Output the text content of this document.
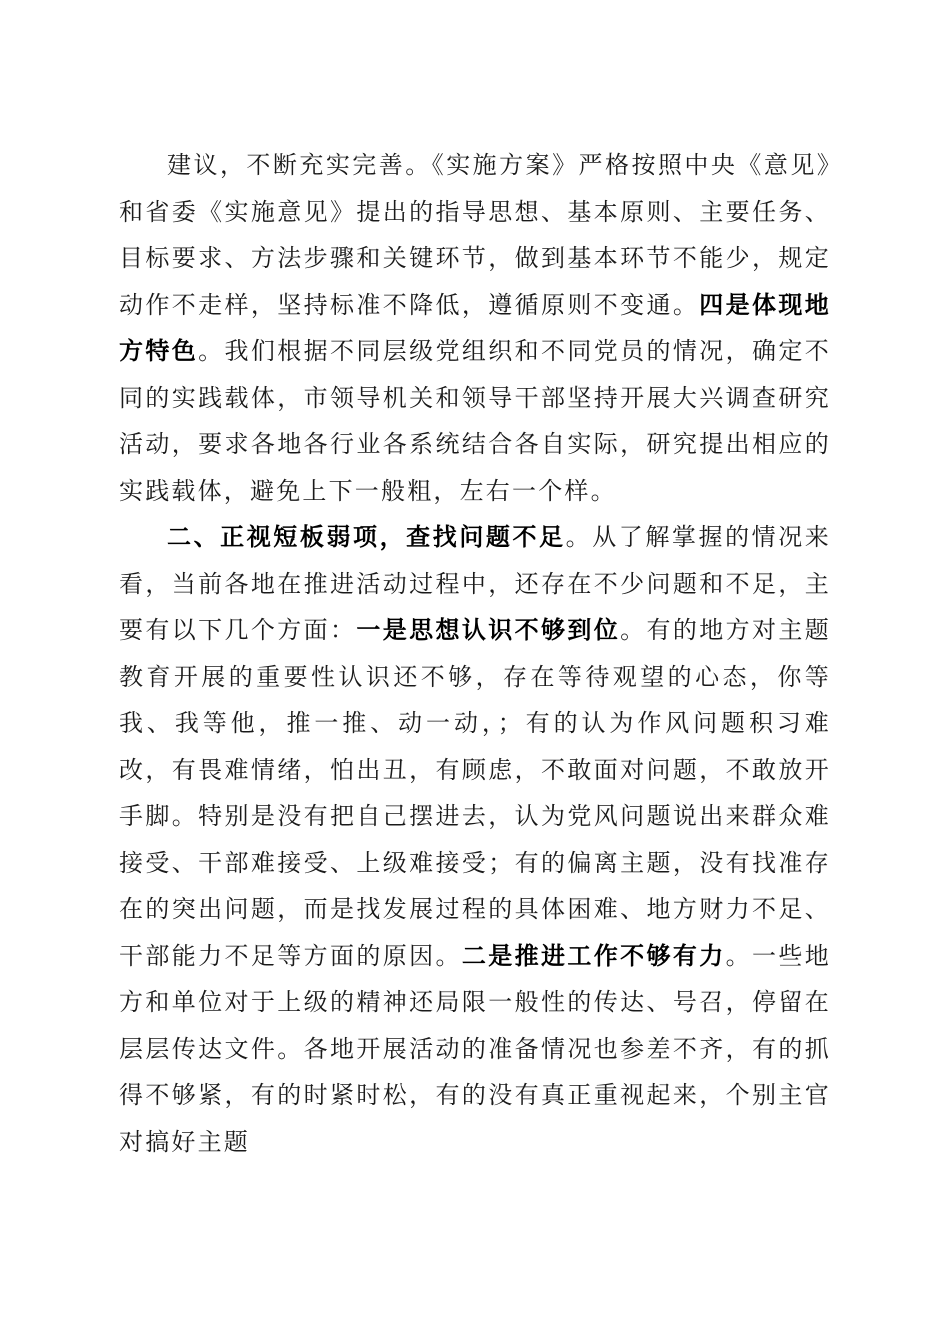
建议，不断充实完善。《实施方案》严格按照中央《意见》和省委《实施意见》提出的指导思想、基本原则、主要任务、目标要求、方法步骤和关键环节，做到基本环节不能少，规定动作不走样，坚持标准不降低，遵循原则不变通。四是体现地方特色。我们根据不同层级党组织和不同党员的情况，确定不同的实践载体，市领导机关和领导干部坚持开展大兴调查研究活动，要求各地各行业各系统结合各自实际，研究提出相应的实践载体，避免上下一般粗，左右一个样。

二、正视短板弱项，查找问题不足。从了解掌握的情况来看，当前各地在推进活动过程中，还存在不少问题和不足，主要有以下几个方面：一是思想认识不够到位。有的地方对主题教育开展的重要性认识还不够，存在等待观望的心态，你等我、我等他，推一推、动一动，；有的认为作风问题积习难改，有畏难情绪，怕出丑，有顾虑，不敢面对问题，不敢放开手脚。特别是没有把自己摆进去，认为党风问题说出来群众难接受、干部难接受、上级难接受；有的偏离主题，没有找准存在的突出问题，而是找发展过程的具体困难、地方财力不足、干部能力不足等方面的原因。二是推进工作不够有力。一些地方和单位对于上级的精神还局限一般性的传达、号召，停留在层层传达文件。各地开展活动的准备情况也参差不齐，有的抓得不够紧，有的时紧时松，有的没有真正重视起来，个别主官对搞好主题
